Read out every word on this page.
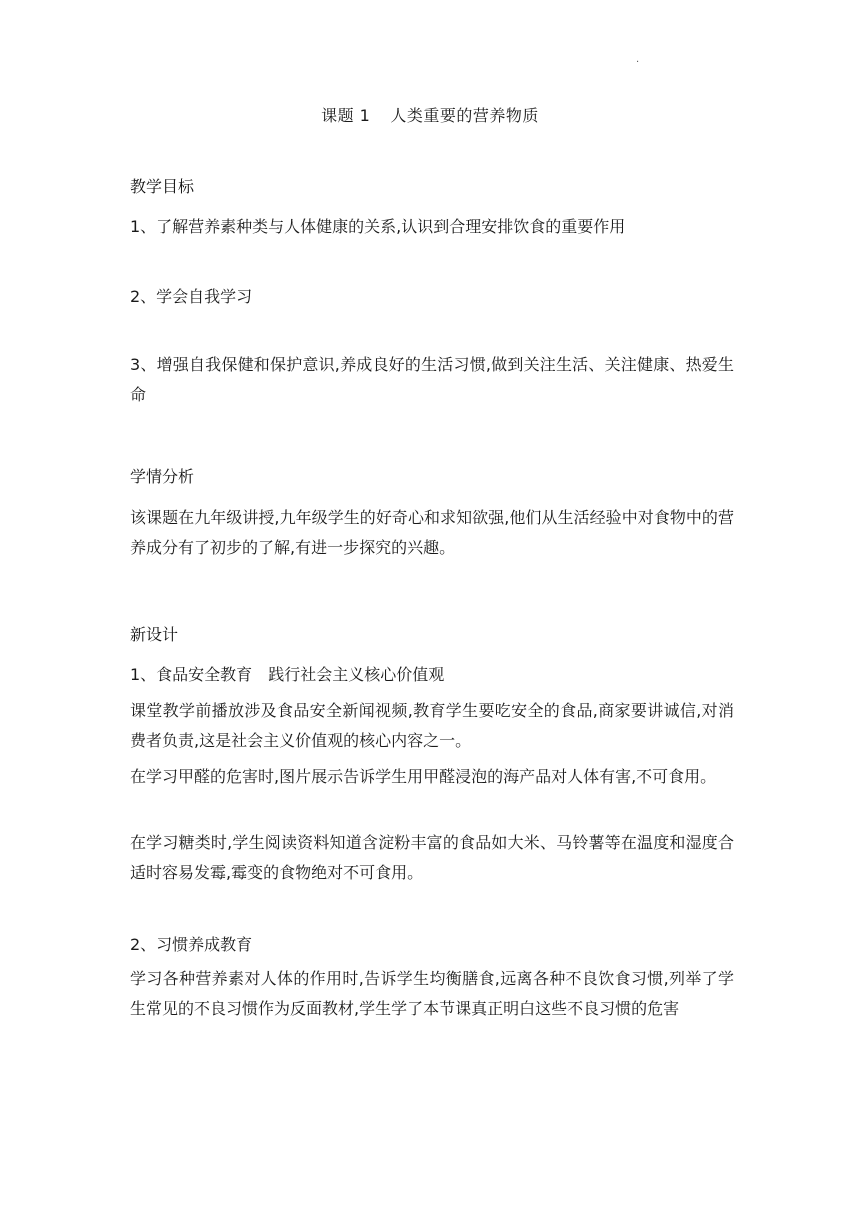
·
课题 1 人类重要的营养物质
教学目标

1、了解营养素种类与人体健康的关系,认识到合理安排饮食的重要作用

2、学会自我学习

3、增强自我保健和保护意识,养成良好的生活习惯,做到关注生活、关注健康、热爱生命

学情分析

该课题在九年级讲授,九年级学生的好奇心和求知欲强,他们从生活经验中对食物中的营养成分有了初步的了解,有进一步探究的兴趣。

新设计

1、食品安全教育 践行社会主义核心价值观

课堂教学前播放涉及食品安全新闻视频,教育学生要吃安全的食品,商家要讲诚信,对消费者负责,这是社会主义价值观的核心内容之一。

在学习甲醛的危害时,图片展示告诉学生用甲醛浸泡的海产品对人体有害,不可食用。

在学习糖类时,学生阅读资料知道含淀粉丰富的食品如大米、马铃薯等在温度和湿度合适时容易发霉,霉变的食物绝对不可食用。

2、习惯养成教育

学习各种营养素对人体的作用时,告诉学生均衡膳食,远离各种不良饮食习惯,列举了学生常见的不良习惯作为反面教材,学生学了本节课真正明白这些不良习惯的危害
